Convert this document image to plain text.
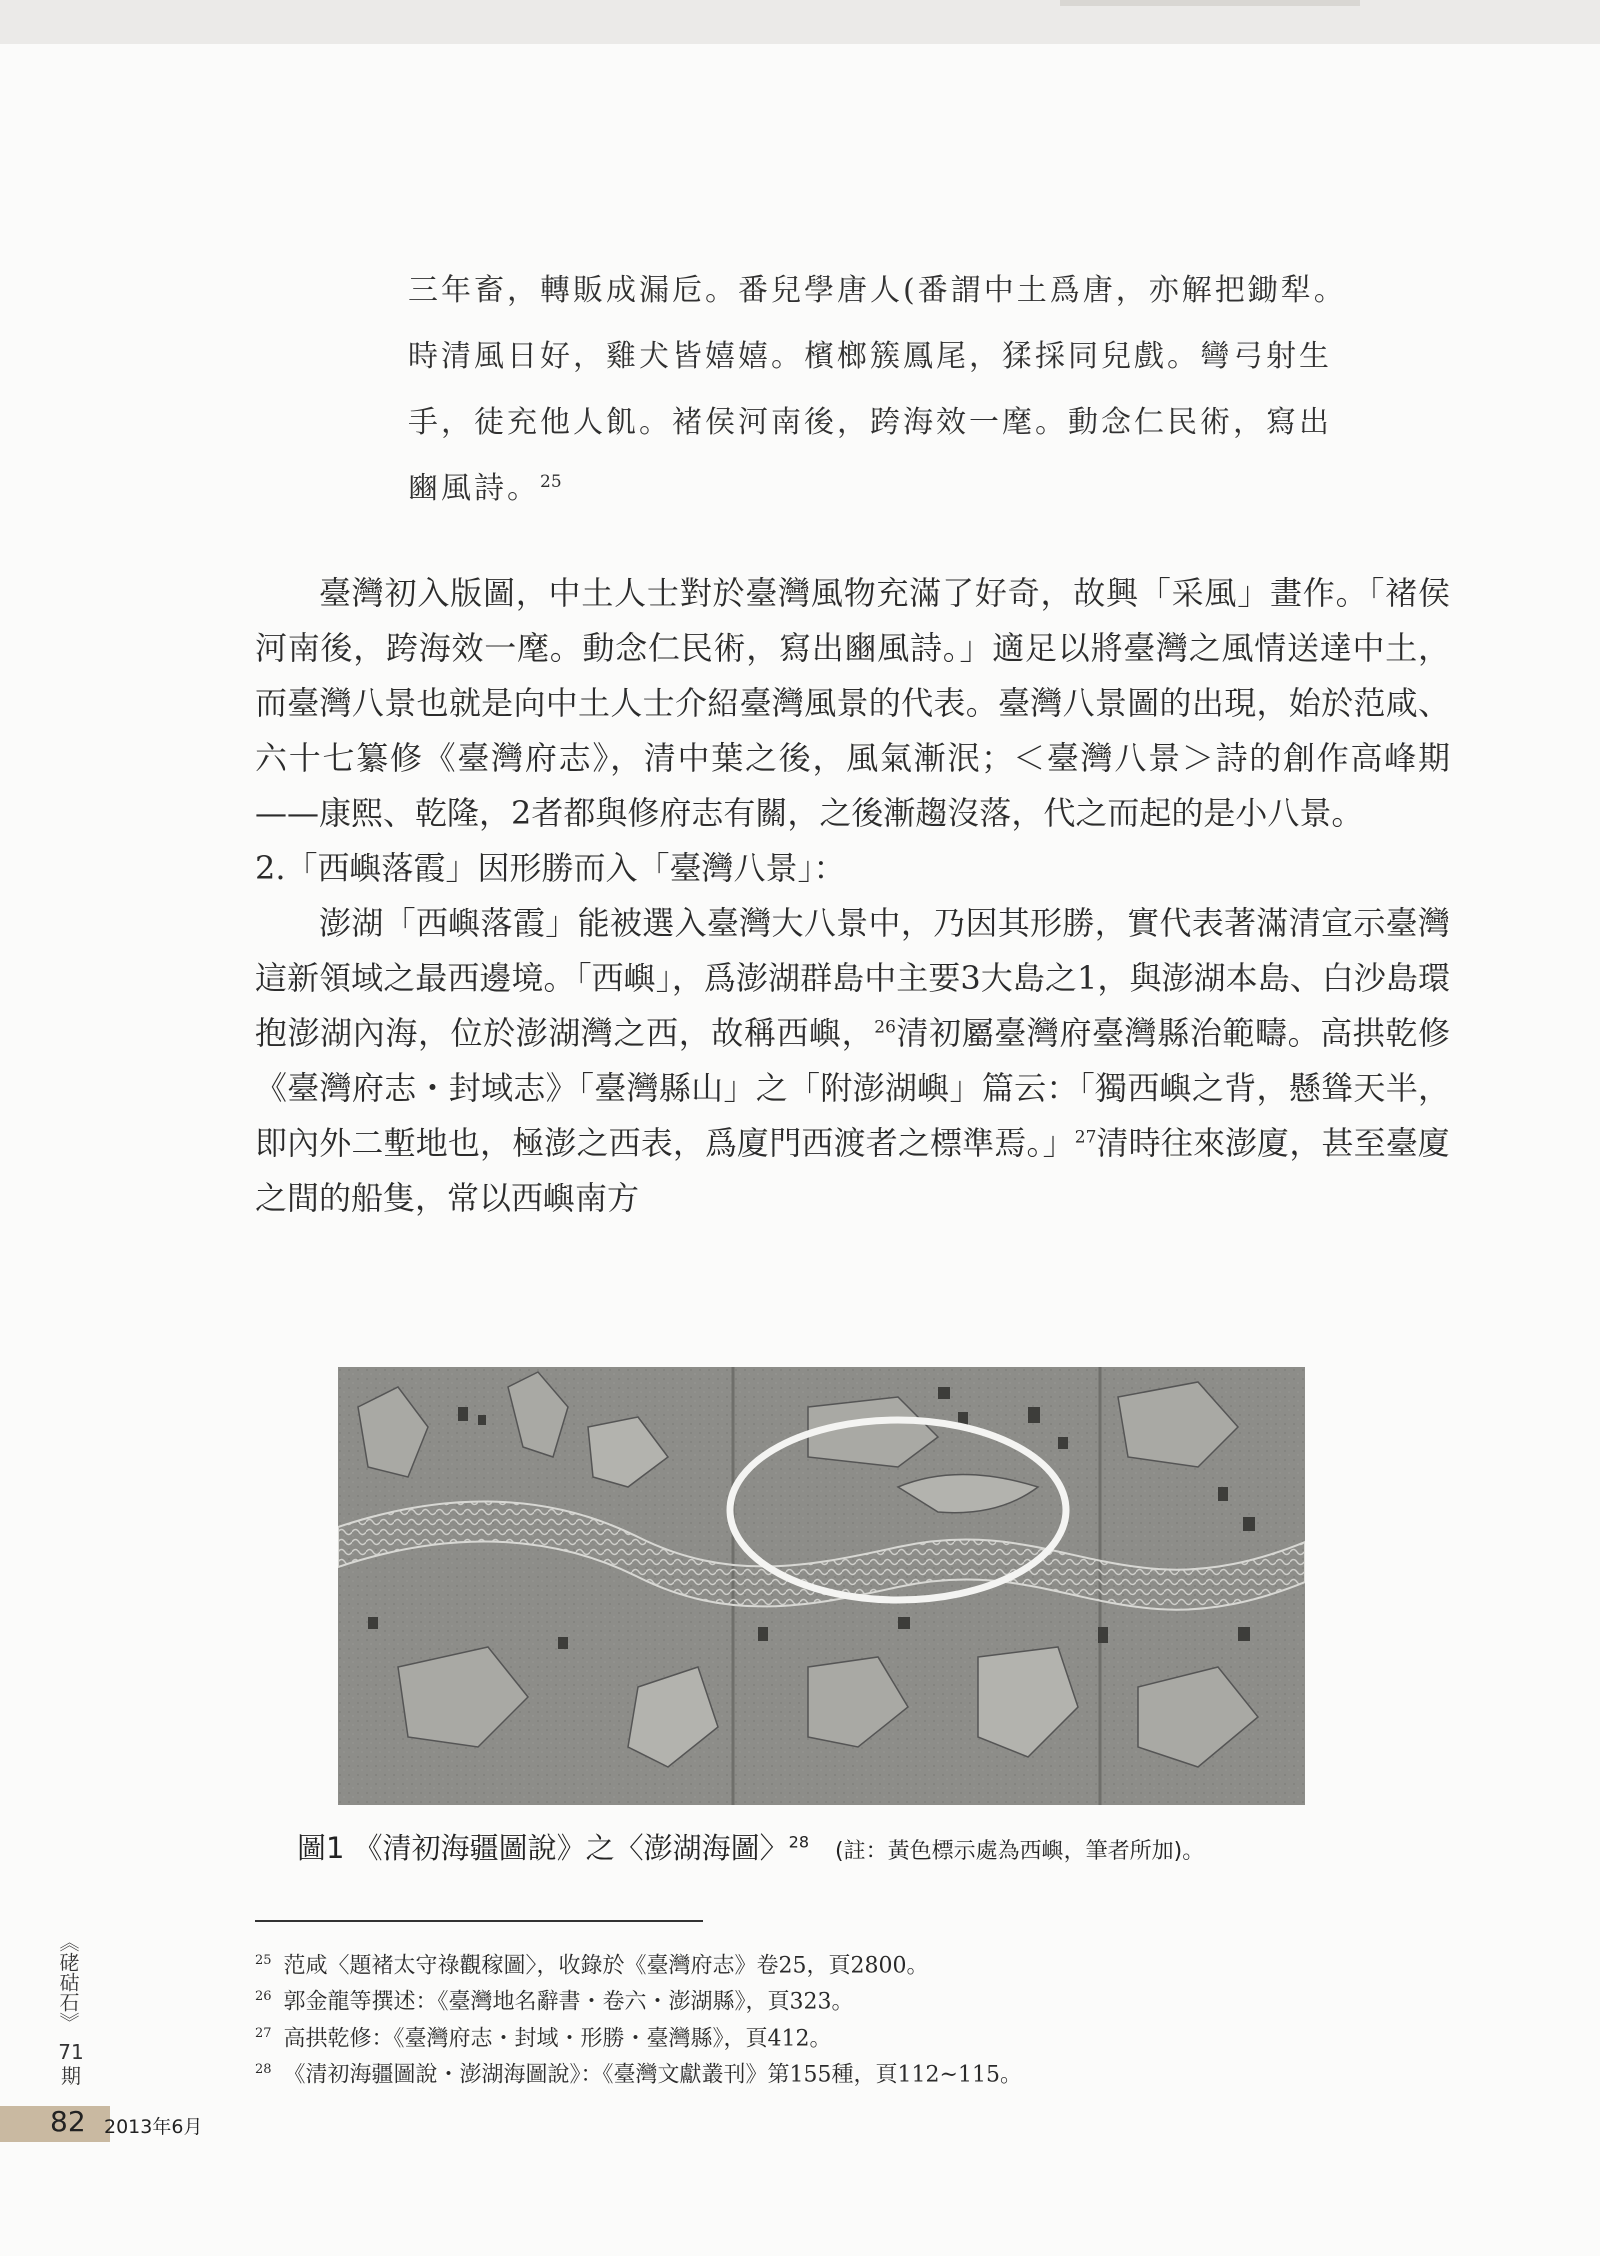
三年畜，轉販成漏卮。番兒學唐人(番謂中土爲唐，亦解把鋤犁。

時清風日好，雞犬皆嬉嬉。檳榔簇鳳尾，猱採同兒戲。彎弓射生

手，徒充他人飢。褚侯河南後，跨海效一麾。動念仁民術，寫出

豳風詩。$^{25}$

臺灣初入版圖，中土人士對於臺灣風物充滿了好奇，故興「采風」畫作。「褚侯河南後，跨海效一麾。動念仁民術，寫出豳風詩。」適足以將臺灣之風情送達中土，而臺灣八景也就是向中土人士介紹臺灣風景的代表。臺灣八景圖的出現，始於范咸、六十七纂修《臺灣府志》，清中葉之後，風氣漸泯；＜臺灣八景＞詩的創作高峰期——康熙、乾隆，2者都與修府志有關，之後漸趨沒落，代之而起的是小八景。

2.「西嶼落霞」因形勝而入「臺灣八景」：

澎湖「西嶼落霞」能被選入臺灣大八景中，乃因其形勝，實代表著滿清宣示臺灣這新領域之最西邊境。「西嶼」，爲澎湖群島中主要3大島之1，與澎湖本島、白沙島環抱澎湖內海，位於澎湖灣之西，故稱西嶼，$^{26}$清初屬臺灣府臺灣縣治範疇。高拱乾修《臺灣府志・封域志》「臺灣縣山」之「附澎湖嶼」篇云：「獨西嶼之背，懸聳天半，即內外二塹地也，極澎之西表，爲廈門西渡者之標準焉。」$^{27}$清時往來澎廈，甚至臺廈之間的船隻，常以西嶼南方

圖1 《清初海疆圖說》之〈澎湖海圖〉$^{28}$ (註：黃色標示處為西嶼，筆者所加)。
$^{25}$ 范咸〈題褚太守祿觀稼圖〉，收錄於《臺灣府志》卷25，頁2800。
$^{26}$ 郭金龍等撰述：《臺灣地名辭書・卷六・澎湖縣》，頁323。
$^{27}$ 高拱乾修：《臺灣府志・封域・形勝・臺灣縣》，頁412。
$^{28}$ 《清初海疆圖說・澎湖海圖說》：《臺灣文獻叢刊》第155種，頁112~115。
《硓𥑮石》
71
期
82 2013年6月
